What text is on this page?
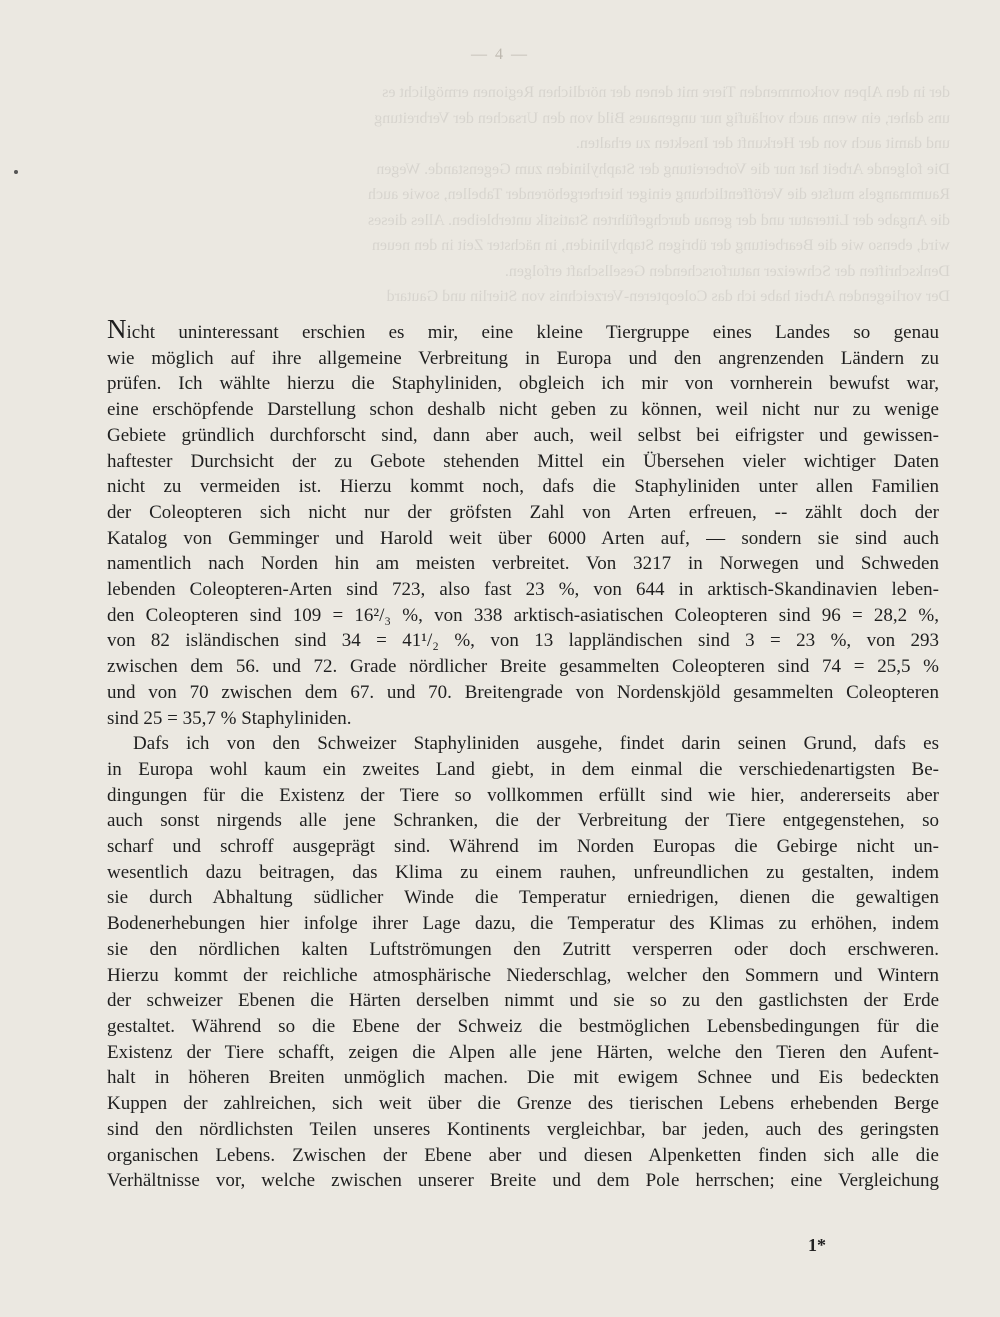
— 4 —

der in den Alpen vorkommenden Tiere mit denen der nördlichen Regionen ermöglicht es

uns daher, ein wenn auch vorläufig nur ungenaues Bild von den Ursachen der Verbreitung

und damit auch von der Herkunft der Insekten zu erhalten.

Die folgende Arbeit hat nur die Vorbereitung der Staphyliniden zum Gegenstande. Wegen

Raummangels mufste die Veröffentlichung einiger hierhergehörender Tabellen, sowie auch

die Angabe der Litteratur und der genau durchgeführten Statistik unterbleiben. Alles dieses

wird, ebenso wie die Bearbeitung der übrigen Staphyliniden, in nächster Zeit in den neuen

Denkschriften der Schweizer naturforschenden Gesellschaft erfolgen.

Der vorliegenden Arbeit habe ich das Coleopteren-Verzeichnis von Stierlin und Gautard

Nicht uninteressant erschien es mir, eine kleine Tiergruppe eines Landes so genau
wie möglich auf ihre allgemeine Verbreitung in Europa und den angrenzenden Ländern zu
prüfen. Ich wählte hierzu die Staphyliniden, obgleich ich mir von vornherein bewufst war,
eine erschöpfende Darstellung schon deshalb nicht geben zu können, weil nicht nur zu wenige
Gebiete gründlich durchforscht sind, dann aber auch, weil selbst bei eifrigster und gewissen-
haftester Durchsicht der zu Gebote stehenden Mittel ein Übersehen vieler wichtiger Daten
nicht zu vermeiden ist. Hierzu kommt noch, dafs die Staphyliniden unter allen Familien
der Coleopteren sich nicht nur der gröfsten Zahl von Arten erfreuen, -- zählt doch der
Katalog von Gemminger und Harold weit über 6000 Arten auf, — sondern sie sind auch
namentlich nach Norden hin am meisten verbreitet. Von 3217 in Norwegen und Schweden
lebenden Coleopteren-Arten sind 723, also fast 23 %, von 644 in arktisch-Skandinavien leben-
den Coleopteren sind 109 = 16²/₃ %, von 338 arktisch-asiatischen Coleopteren sind 96 = 28,2 %,
von 82 isländischen sind 34 = 41¹/₂ %, von 13 lappländischen sind 3 = 23 %, von 293
zwischen dem 56. und 72. Grade nördlicher Breite gesammelten Coleopteren sind 74 = 25,5 %
und von 70 zwischen dem 67. und 70. Breitengrade von Nordenskjöld gesammelten Coleopteren
sind 25 = 35,7 % Staphyliniden.
Dafs ich von den Schweizer Staphyliniden ausgehe, findet darin seinen Grund, dafs es
in Europa wohl kaum ein zweites Land giebt, in dem einmal die verschiedenartigsten Be-
dingungen für die Existenz der Tiere so vollkommen erfüllt sind wie hier, andererseits aber
auch sonst nirgends alle jene Schranken, die der Verbreitung der Tiere entgegenstehen, so
scharf und schroff ausgeprägt sind. Während im Norden Europas die Gebirge nicht un-
wesentlich dazu beitragen, das Klima zu einem rauhen, unfreundlichen zu gestalten, indem
sie durch Abhaltung südlicher Winde die Temperatur erniedrigen, dienen die gewaltigen
Bodenerhebungen hier infolge ihrer Lage dazu, die Temperatur des Klimas zu erhöhen, indem
sie den nördlichen kalten Luftströmungen den Zutritt versperren oder doch erschweren.
Hierzu kommt der reichliche atmosphärische Niederschlag, welcher den Sommern und Wintern
der schweizer Ebenen die Härten derselben nimmt und sie so zu den gastlichsten der Erde
gestaltet. Während so die Ebene der Schweiz die bestmöglichen Lebensbedingungen für die
Existenz der Tiere schafft, zeigen die Alpen alle jene Härten, welche den Tieren den Aufent-
halt in höheren Breiten unmöglich machen. Die mit ewigem Schnee und Eis bedeckten
Kuppen der zahlreichen, sich weit über die Grenze des tierischen Lebens erhebenden Berge
sind den nördlichsten Teilen unseres Kontinents vergleichbar, bar jeden, auch des geringsten
organischen Lebens. Zwischen der Ebene aber und diesen Alpenketten finden sich alle die
Verhältnisse vor, welche zwischen unserer Breite und dem Pole herrschen; eine Vergleichung
1*
